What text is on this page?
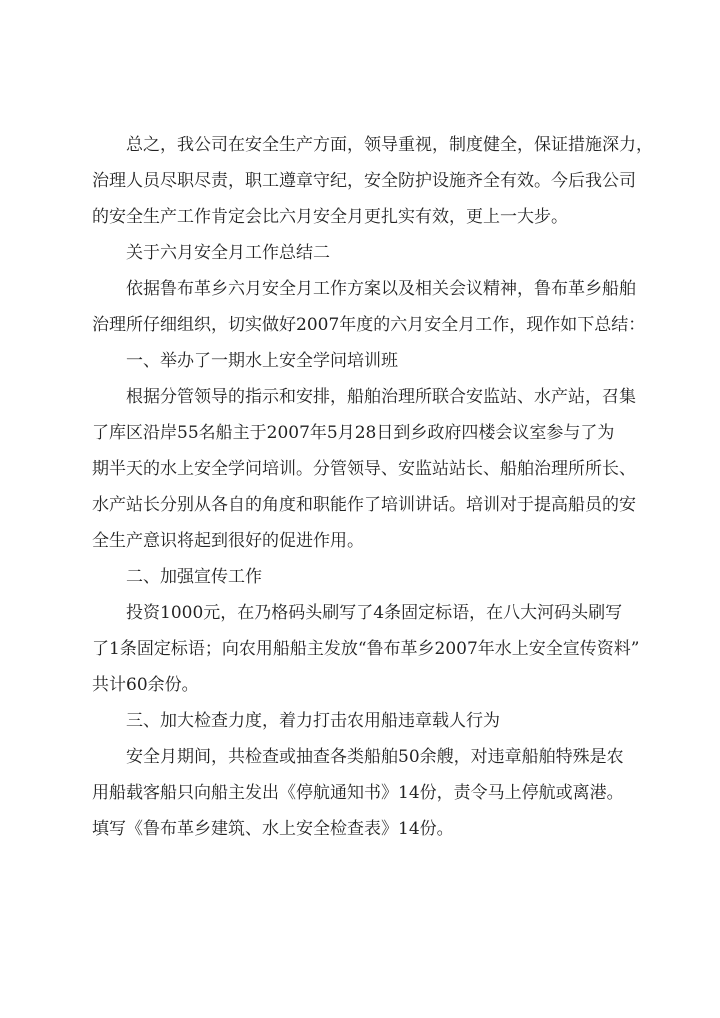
总之，我公司在安全生产方面，领导重视，制度健全，保证措施深力，
治理人员尽职尽责，职工遵章守纪，安全防护设施齐全有效。今后我公司
的安全生产工作肯定会比六月安全月更扎实有效，更上一大步。
关于六月安全月工作总结二
依据鲁布革乡六月安全月工作方案以及相关会议精神，鲁布革乡船舶
治理所仔细组织，切实做好2007年度的六月安全月工作，现作如下总结：
一、举办了一期水上安全学问培训班
根据分管领导的指示和安排，船舶治理所联合安监站、水产站，召集
了库区沿岸55名船主于2007年5月28日到乡政府四楼会议室参与了为
期半天的水上安全学问培训。分管领导、安监站站长、船舶治理所所长、
水产站长分别从各自的角度和职能作了培训讲话。培训对于提高船员的安
全生产意识将起到很好的促进作用。
二、加强宣传工作
投资1000元，在乃格码头刷写了4条固定标语，在八大河码头刷写
了1条固定标语；向农用船船主发放“鲁布革乡2007年水上安全宣传资料”
共计60余份。
三、加大检查力度，着力打击农用船违章载人行为
安全月期间，共检查或抽查各类船舶50余艘，对违章船舶特殊是农
用船载客船只向船主发出《停航通知书》14份，责令马上停航或离港。
填写《鲁布革乡建筑、水上安全检查表》14份。
